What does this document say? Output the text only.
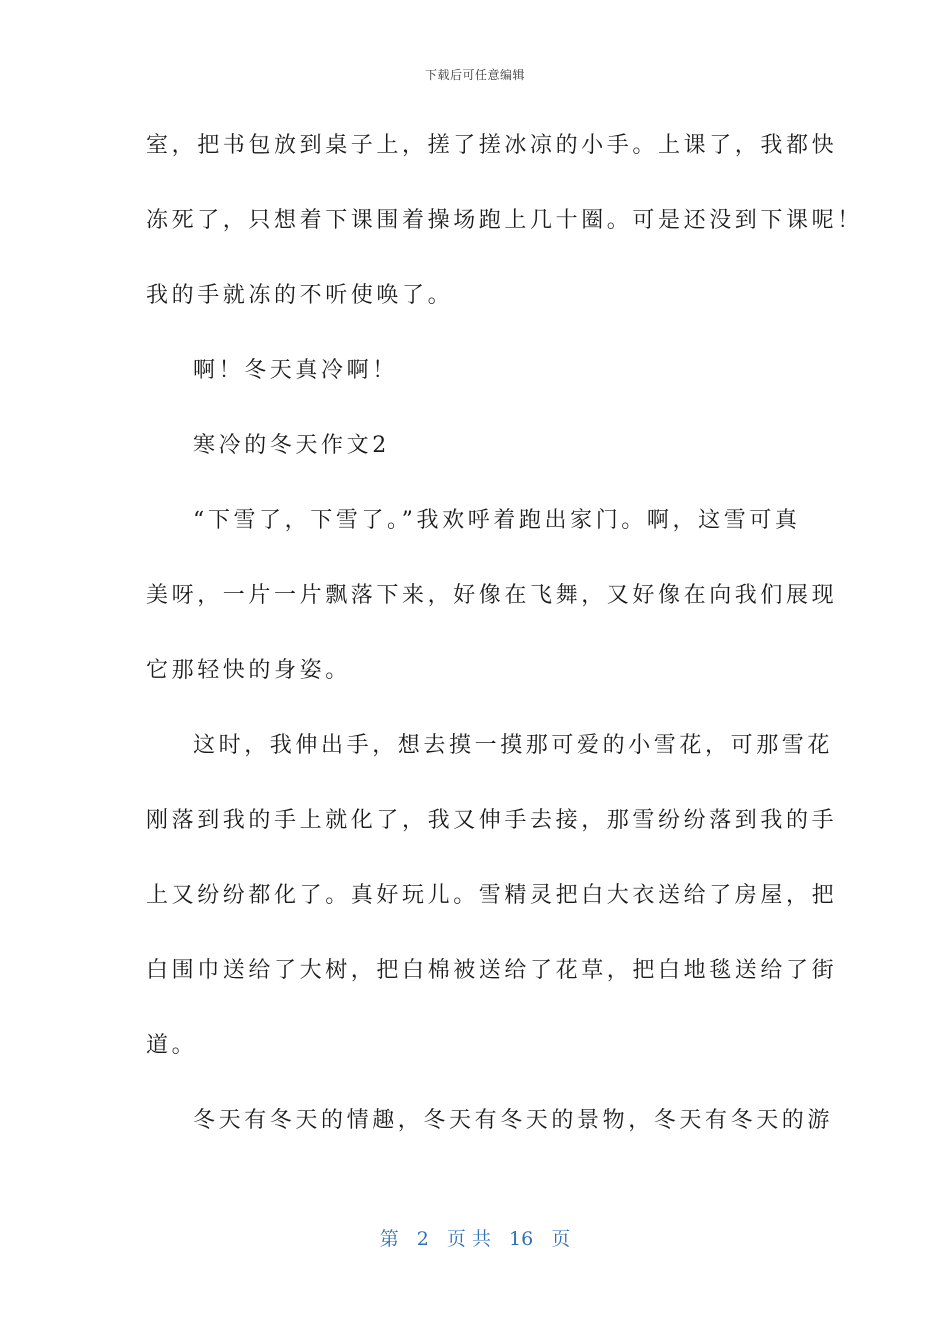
下载后可任意编辑
室，把书包放到桌子上，搓了搓冰凉的小手。上课了，我都快
冻死了，只想着下课围着操场跑上几十圈。可是还没到下课呢！
我的手就冻的不听使唤了。
啊！冬天真冷啊！
寒冷的冬天作文2
“下雪了，下雪了。”我欢呼着跑出家门。啊，这雪可真
美呀，一片一片飘落下来，好像在飞舞，又好像在向我们展现
它那轻快的身姿。
这时，我伸出手，想去摸一摸那可爱的小雪花，可那雪花
刚落到我的手上就化了，我又伸手去接，那雪纷纷落到我的手
上又纷纷都化了。真好玩儿。雪精灵把白大衣送给了房屋，把
白围巾送给了大树，把白棉被送给了花草，把白地毯送给了街
道。
冬天有冬天的情趣，冬天有冬天的景物，冬天有冬天的游
第 2 页 共 16 页
